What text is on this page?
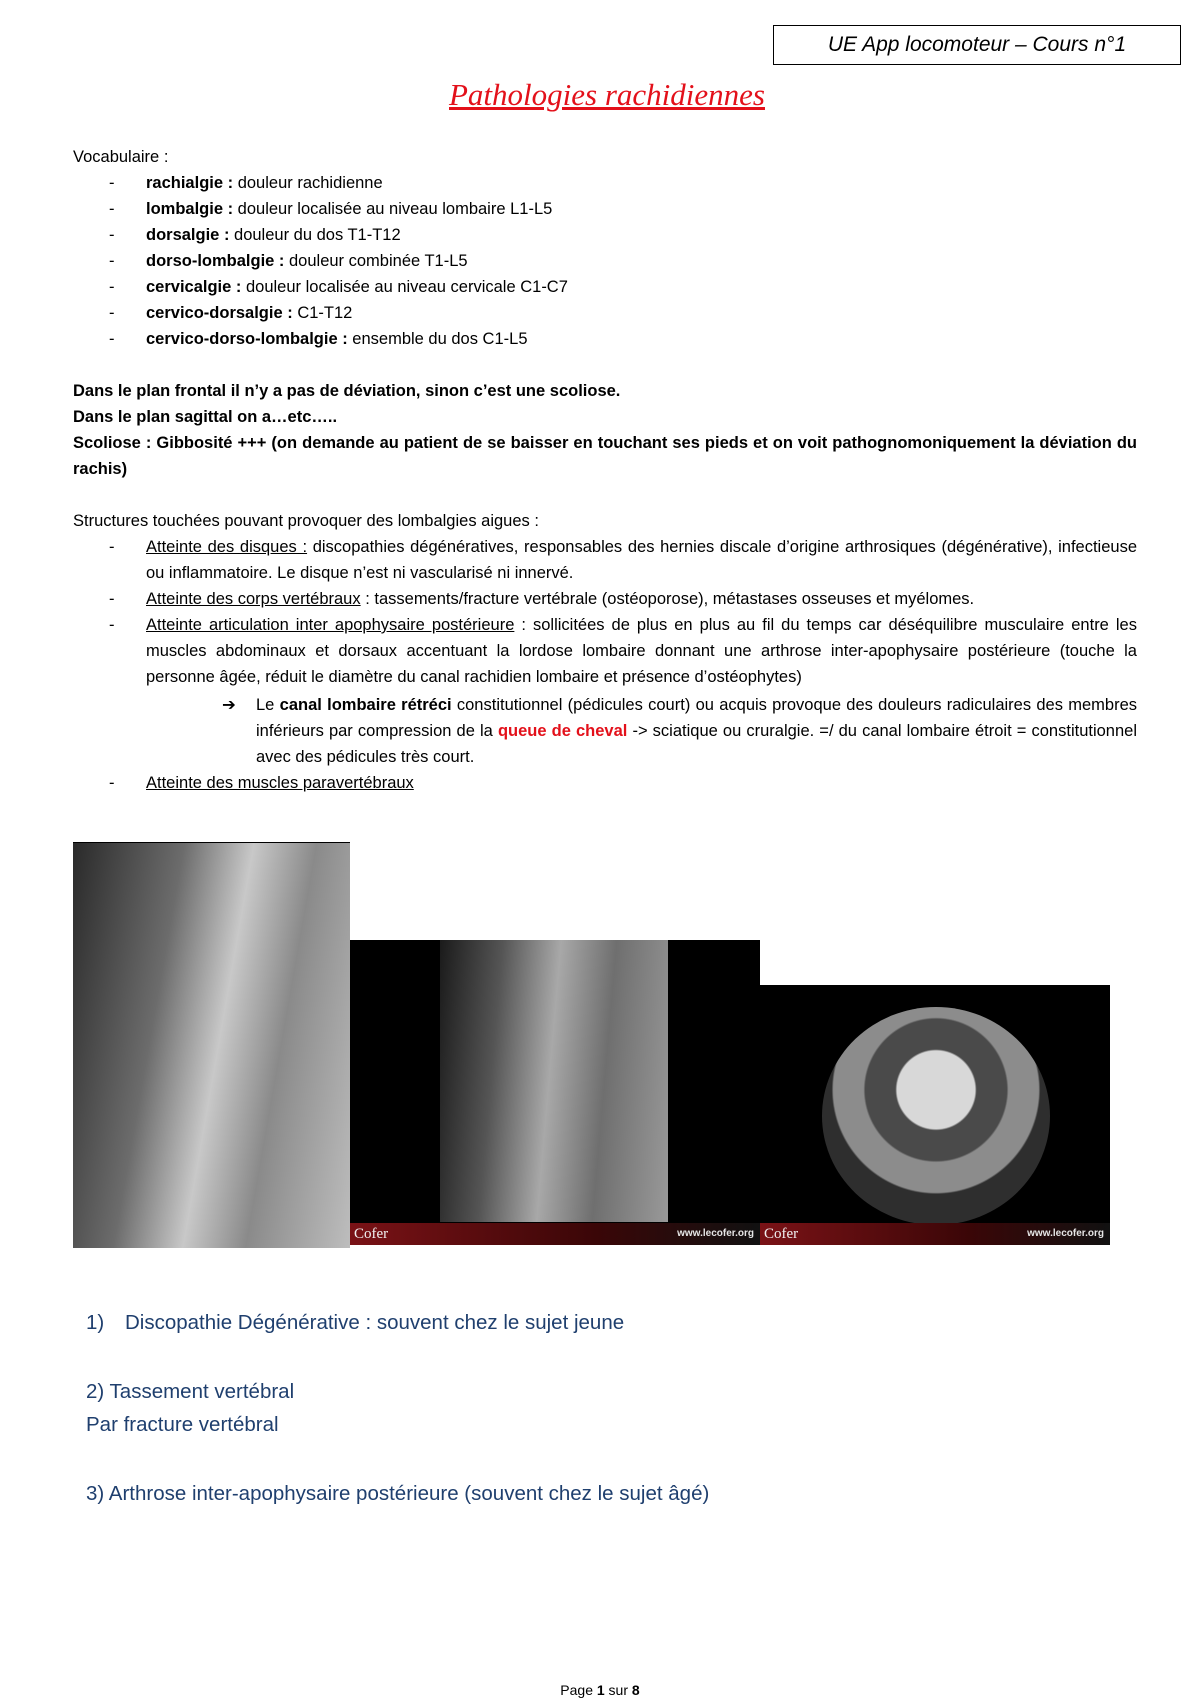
UE App locomoteur – Cours n°1
Pathologies rachidiennes
Vocabulaire :
- rachialgie : douleur rachidienne
- lombalgie : douleur localisée au niveau lombaire L1-L5
- dorsalgie : douleur du dos T1-T12
- dorso-lombalgie : douleur combinée T1-L5
- cervicalgie : douleur localisée au niveau cervicale C1-C7
- cervico-dorsalgie : C1-T12
- cervico-dorso-lombalgie : ensemble du dos C1-L5
Dans le plan frontal il n’y a pas de déviation, sinon c’est une scoliose.
Dans le plan sagittal on a…etc…..
Scoliose : Gibbosité +++ (on demande au patient de se baisser en touchant ses pieds et on voit pathognomoniquement la déviation du rachis)
Structures touchées pouvant provoquer des lombalgies aigues :
- Atteinte des disques : discopathies dégénératives, responsables des hernies discale d’origine arthrosiques (dégénérative), infectieuse ou inflammatoire. Le disque n’est ni vascularisé ni innervé.
- Atteinte des corps vertébraux : tassements/fracture vertébrale (ostéoporose), métastases osseuses et myélomes.
- Atteinte articulation inter apophysaire postérieure : sollicitées de plus en plus au fil du temps car déséquilibre musculaire entre les muscles abdominaux et dorsaux accentuant la lordose lombaire donnant une arthrose inter-apophysaire postérieure (touche la personne âgée, réduit le diamètre du canal rachidien lombaire et présence d’ostéophytes)
➔ Le canal lombaire rétréci constitutionnel (pédicules court) ou acquis provoque des douleurs radiculaires des membres inférieurs par compression de la queue de cheval -> sciatique ou cruralgie. =/ du canal lombaire étroit = constitutionnel avec des pédicules très court.
- Atteinte des muscles paravertébraux
Cofer	www.lecofer.org Cofer	www.lecofer.org
1) Discopathie Dégénérative : souvent chez le sujet jeune
2) Tassement vertébral
Par fracture vertébral
3) Arthrose inter-apophysaire postérieure (souvent chez le sujet âgé)
Page 1 sur 8
